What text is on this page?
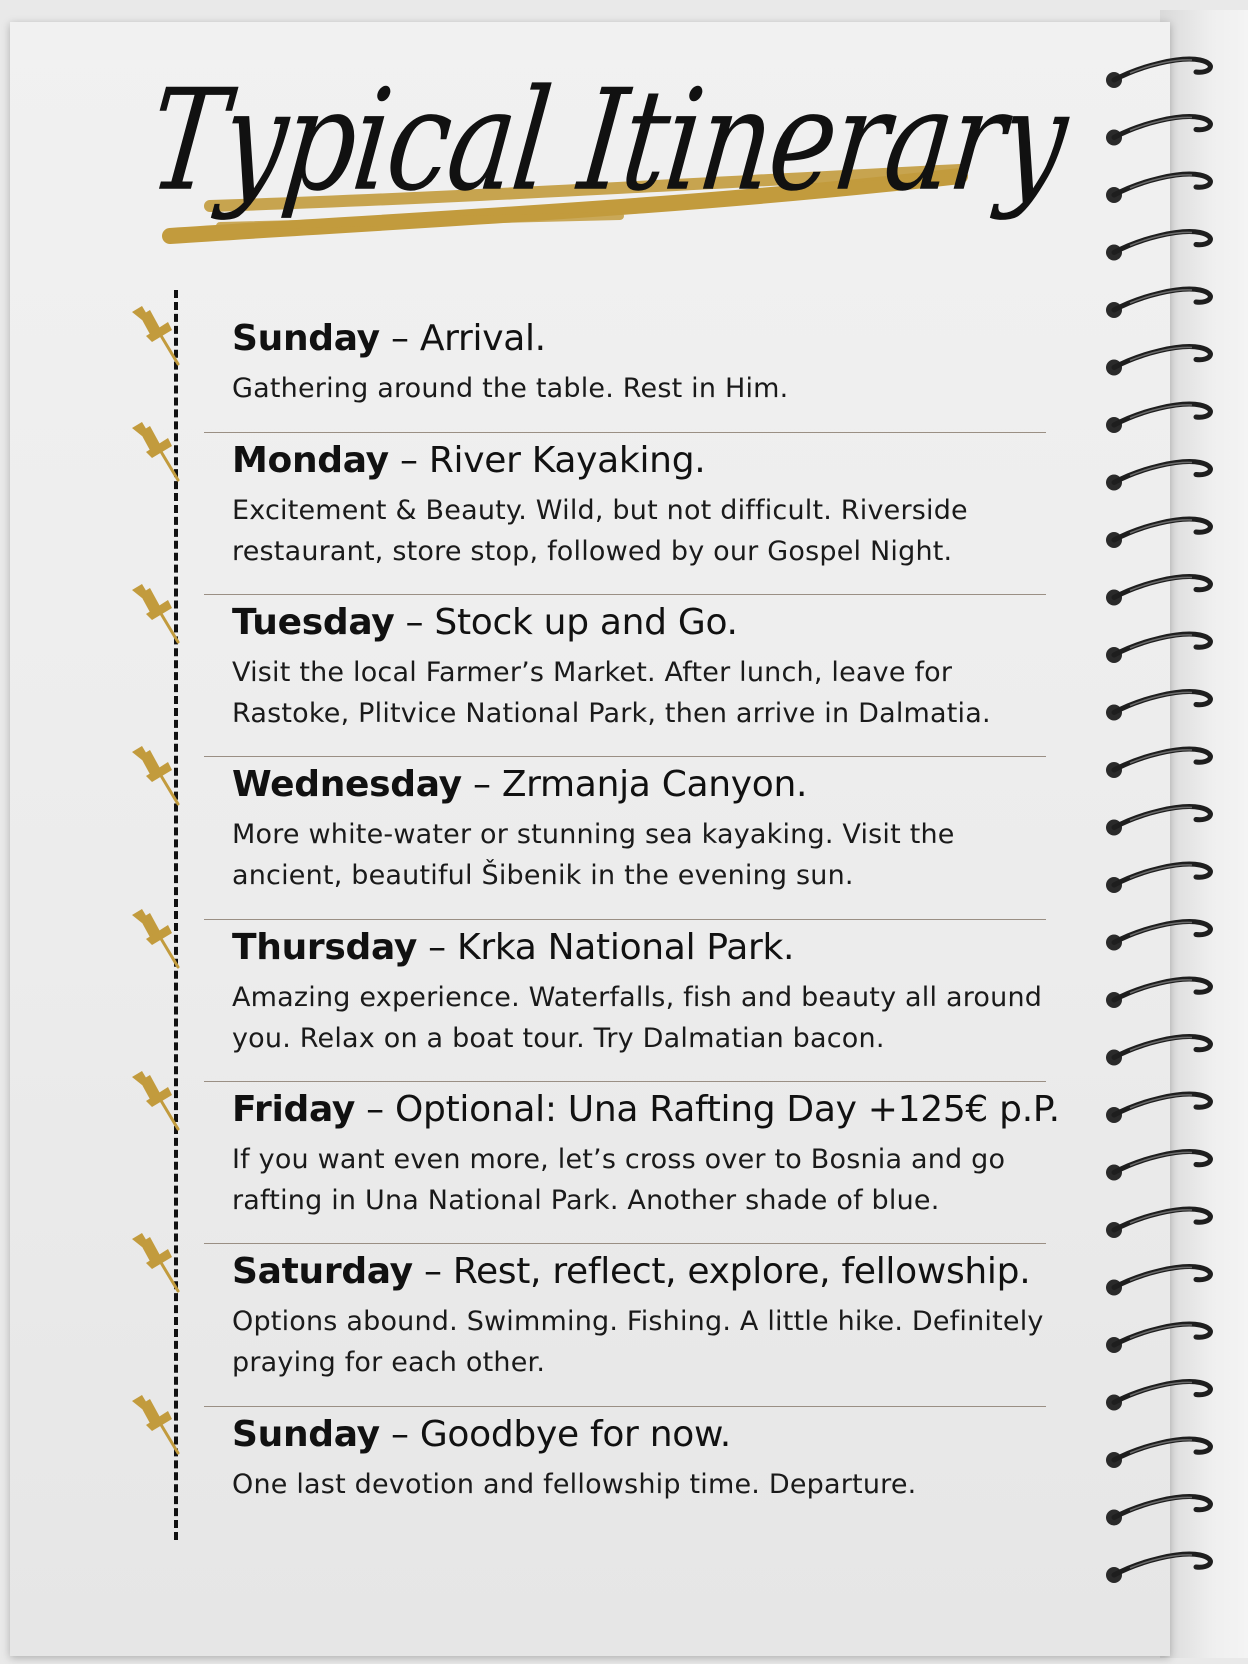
Typical Itinerary
Sunday – Arrival.
Gathering around the table. Rest in Him.
Monday – River Kayaking.
Excitement & Beauty. Wild, but not difficult. Riverside restaurant, store stop, followed by our Gospel Night.
Tuesday – Stock up and Go.
Visit the local Farmer’s Market. After lunch, leave for Rastoke, Plitvice National Park, then arrive in Dalmatia.
Wednesday – Zrmanja Canyon.
More white-water or stunning sea kayaking. Visit the ancient, beautiful Šibenik in the evening sun.
Thursday – Krka National Park.
Amazing experience. Waterfalls, fish and beauty all around you. Relax on a boat tour. Try Dalmatian bacon.
Friday – Optional: Una Rafting Day +125€ p.P.
If you want even more, let’s cross over to Bosnia and go rafting in Una National Park. Another shade of blue.
Saturday – Rest, reflect, explore, fellowship.
Options abound. Swimming. Fishing. A little hike. Definitely praying for each other.
Sunday – Goodbye for now.
One last devotion and fellowship time. Departure.
